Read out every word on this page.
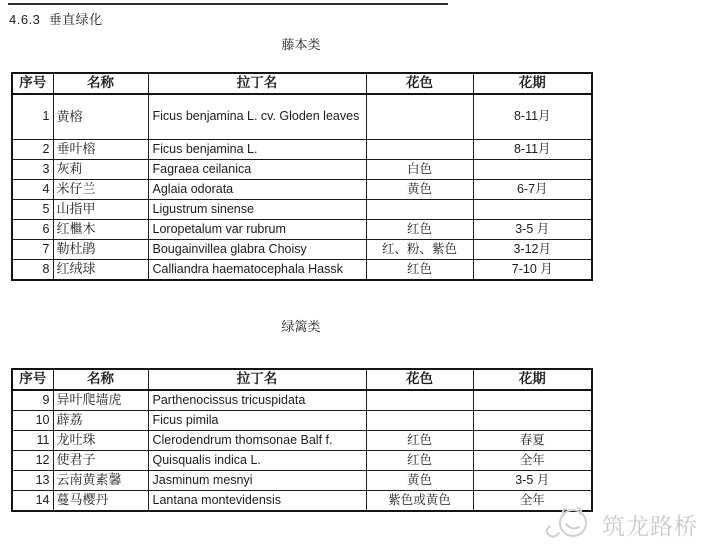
4.6.3  垂直绿化
藤本类
序号	名称	拉丁名	花色	花期
1	黄榕	Ficus benjamina L. cv. Gloden leaves		8-11月
2	垂叶榕	Ficus benjamina L.		8-11月
3	灰莉	Fagraea ceilanica	白色	
4	米仔兰	Aglaia odorata	黄色	6-7月
5	山指甲	Ligustrum sinense		
6	红檵木	Loropetalum var rubrum	红色	3-5 月
7	勒杜鹃	Bougainvillea glabra Choisy	红、粉、紫色	3-12月
8	红绒球	Calliandra haematocephala Hassk	红色	7-10 月
绿篱类
序号	名称	拉丁名	花色	花期
9	异叶爬墙虎	Parthenocissus tricuspidata		
10	薜荔	Ficus pimila		
11	龙吐珠	Clerodendrum thomsonae Balf f.	红色	春夏
12	使君子	Quisqualis indica L.	红色	全年
13	云南黄素馨	Jasminum mesnyi	黄色	3-5 月
14	蔓马樱丹	Lantana montevidensis	紫色或黄色	全年
筑龙路桥
